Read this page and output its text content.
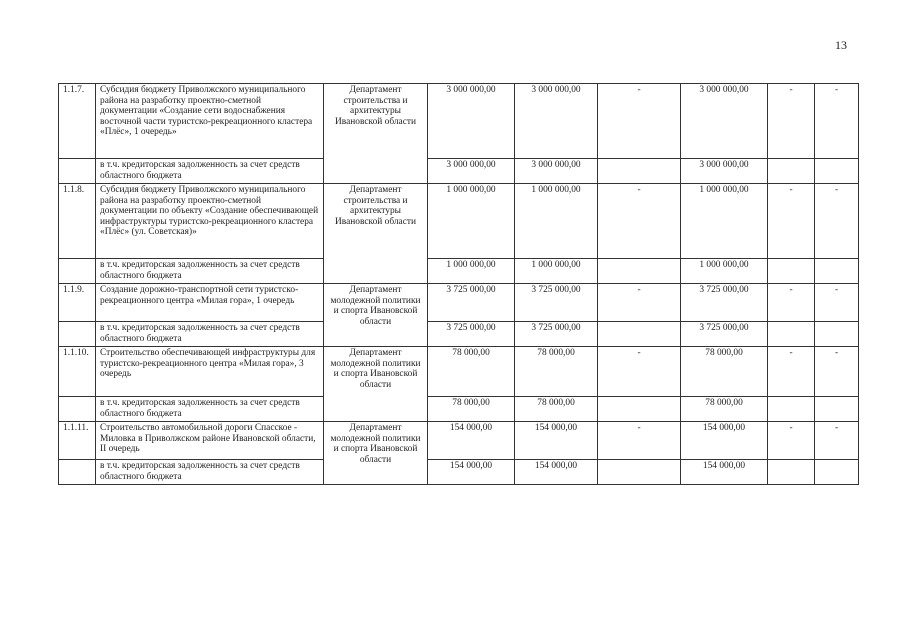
13
1.1.7.	Субсидия бюджету Приволжского муниципального района на разработку проектно-сметной документации «Создание сети водоснабжения восточной части туристско-рекреационного кластера «Плёс», 1 очередь»	Департамент строительства и архитектуры Ивановской области	3 000 000,00	3 000 000,00	-	3 000 000,00	-	-
	в т.ч. кредиторская задолженность за счет средств областного бюджета		3 000 000,00	3 000 000,00		3 000 000,00		
1.1.8.	Субсидия бюджету Приволжского муниципального района на разработку проектно-сметной документации по объекту «Создание обеспечивающей инфраструктуры туристско-рекреационного кластера «Плёс» (ул. Советская)»	Департамент строительства и архитектуры Ивановской области	1 000 000,00	1 000 000,00	-	1 000 000,00	-	-
	в т.ч. кредиторская задолженность за счет средств областного бюджета		1 000 000,00	1 000 000,00		1 000 000,00		
1.1.9.	Создание дорожно-транспортной сети туристско-рекреационного центра «Милая гора», 1 очередь	Департамент молодежной политики и спорта Ивановской области	3 725 000,00	3 725 000,00	-	3 725 000,00	-	-
	в т.ч. кредиторская задолженность за счет средств областного бюджета		3 725 000,00	3 725 000,00		3 725 000,00		
1.1.10.	Строительство обеспечивающей инфраструктуры для туристско-рекреационного центра «Милая гора», 3 очередь	Департамент молодежной политики и спорта Ивановской области	78 000,00	78 000,00	-	78 000,00	-	-
	в т.ч. кредиторская задолженность за счет средств областного бюджета		78 000,00	78 000,00		78 000,00		
1.1.11.	Строительство автомобильной дороги Спасское - Миловка в Приволжском районе Ивановской области, II очередь	Департамент молодежной политики и спорта Ивановской области	154 000,00	154 000,00	-	154 000,00	-	-
	в т.ч. кредиторская задолженность за счет средств областного бюджета		154 000,00	154 000,00		154 000,00		
